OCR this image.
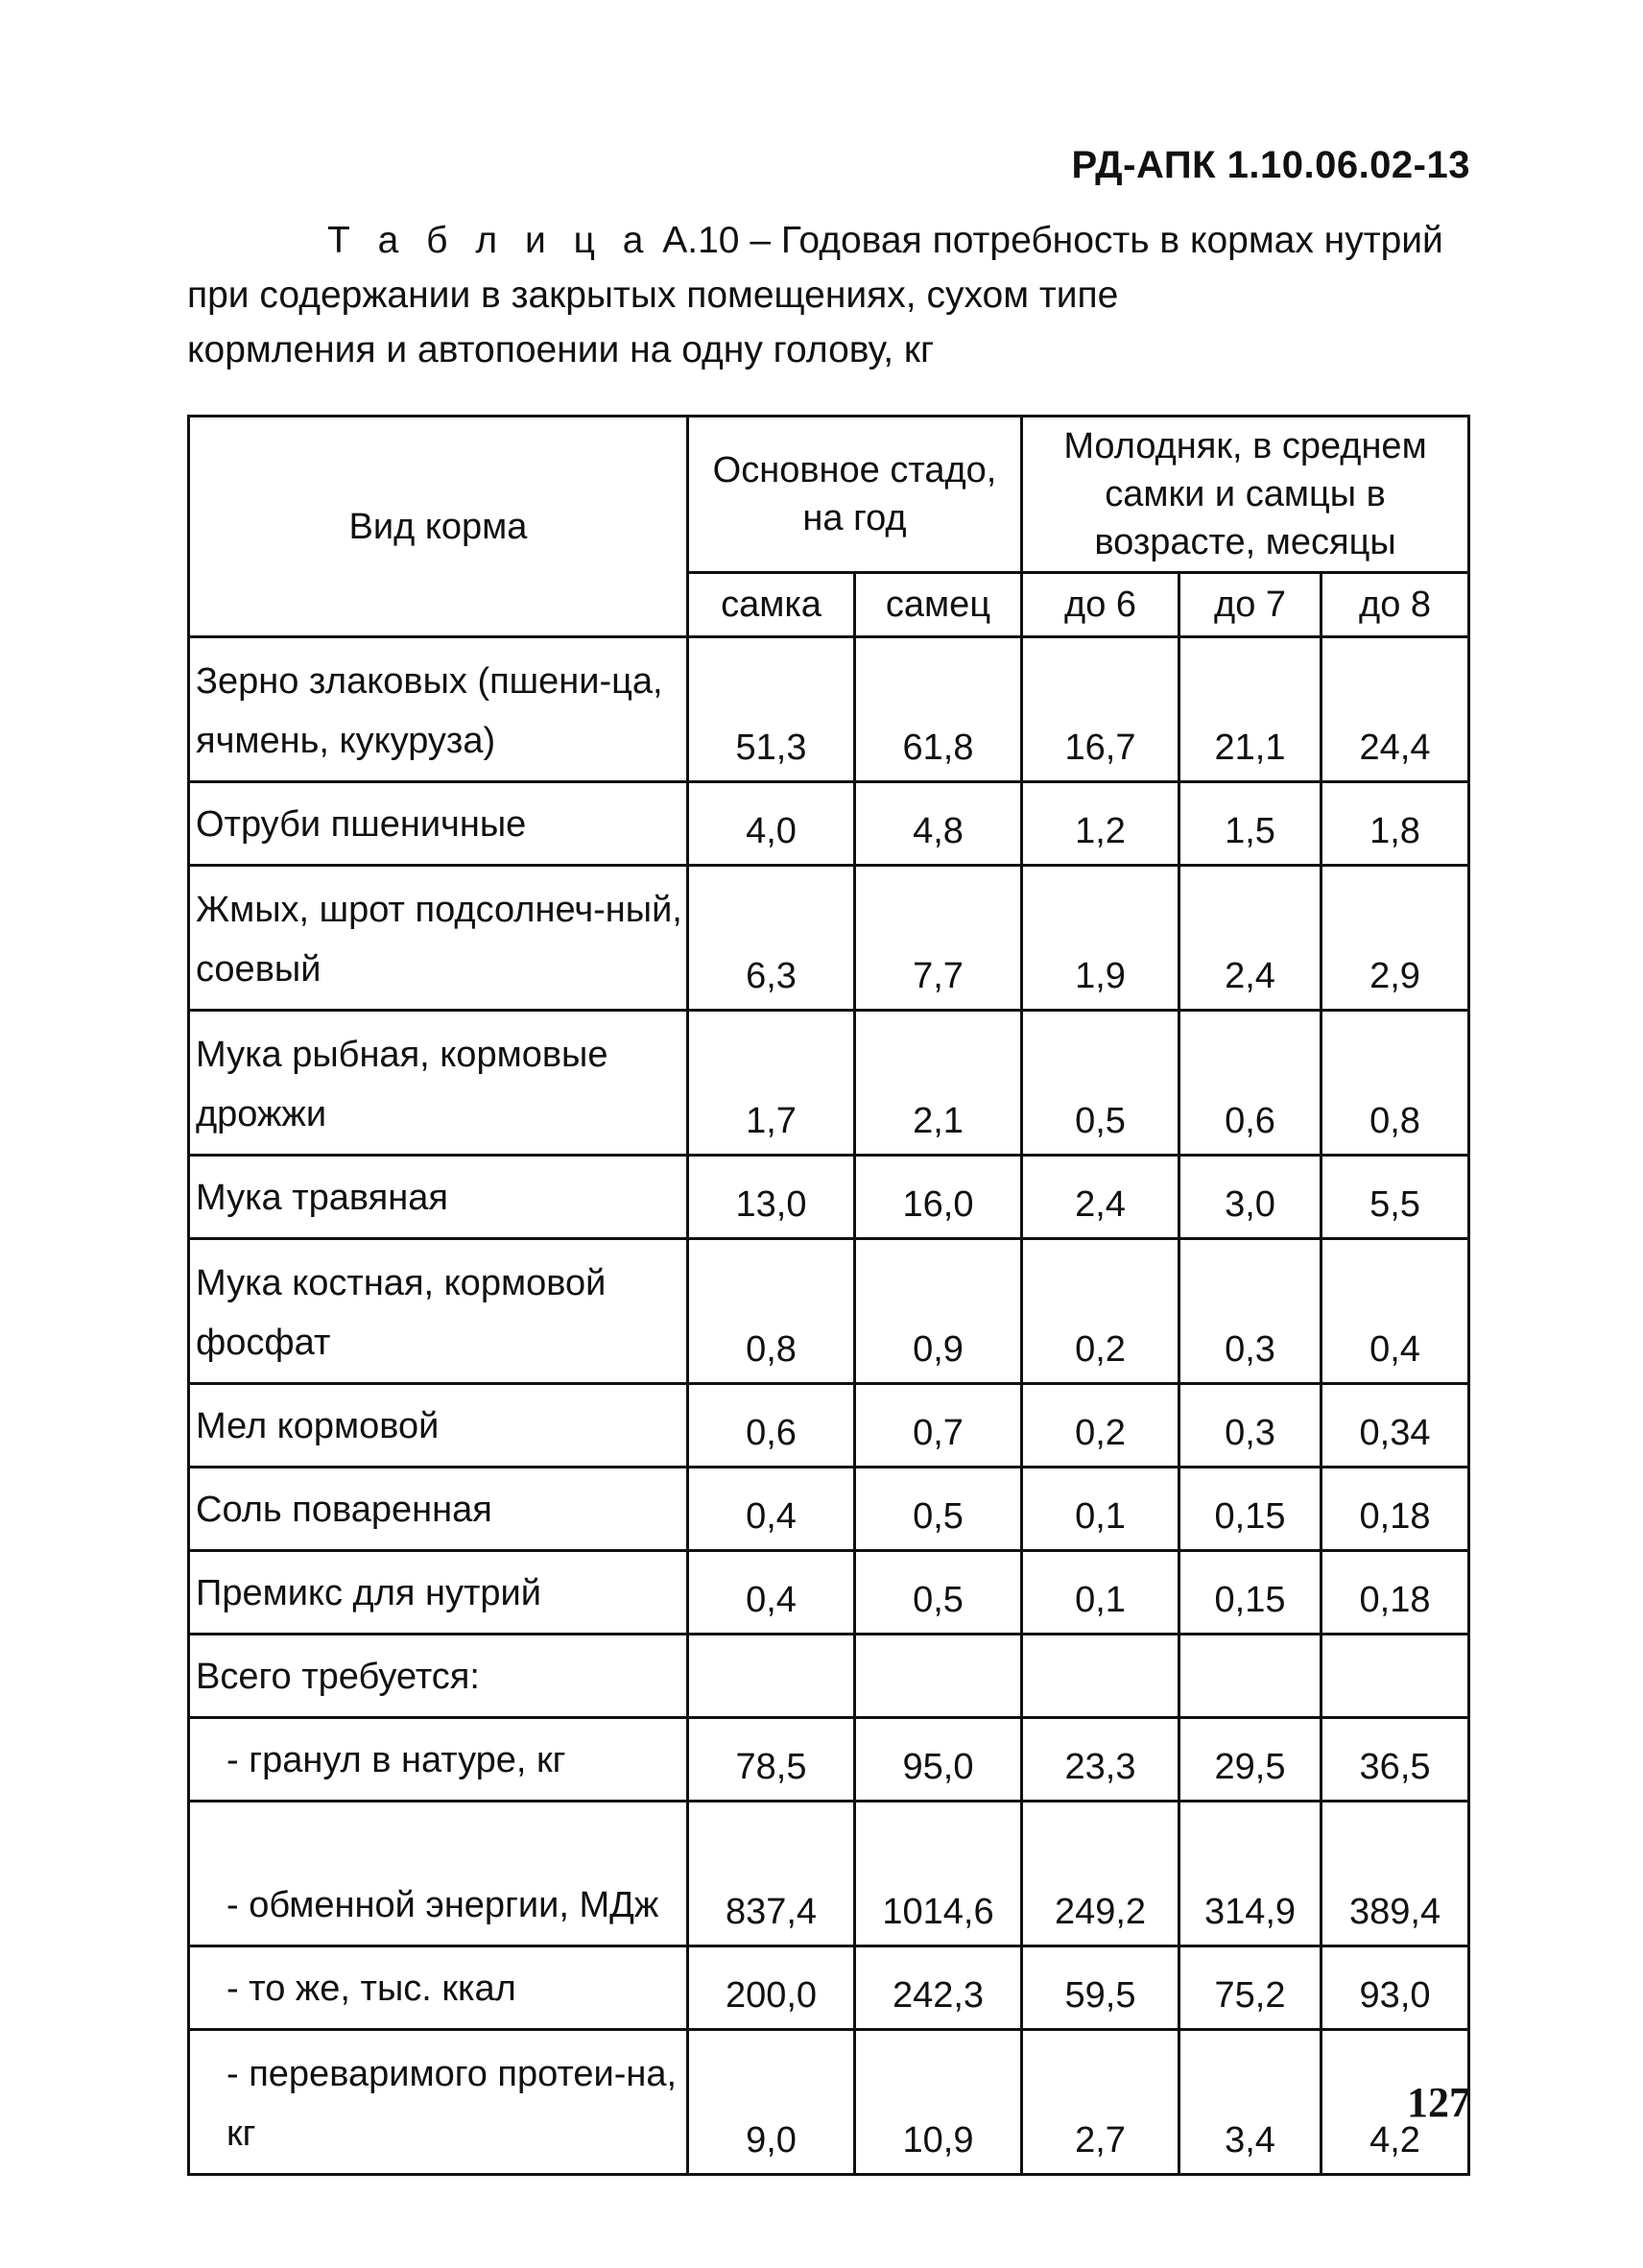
РД-АПК 1.10.06.02-13
Т а б л и ц а А.10 – Годовая потребность в кормах нутрий
при содержании в закрытых помещениях, сухом типе
кормления и автопоении на одну голову, кг
Вид корма	Основное стадо, на год		Молодняк, в среднем самки и самцы в возрасте, месяцы		
	самка	самец	до 6	до 7	до 8
Зерно злаковых (пшени-ца, ячмень, кукуруза)	51,3	61,8	16,7	21,1	24,4
Отруби пшеничные	4,0	4,8	1,2	1,5	1,8
Жмых, шрот подсолнеч-ный, соевый	6,3	7,7	1,9	2,4	2,9
Мука рыбная, кормовые дрожжи	1,7	2,1	0,5	0,6	0,8
Мука травяная	13,0	16,0	2,4	3,0	5,5
Мука костная, кормовой фосфат	0,8	0,9	0,2	0,3	0,4
Мел кормовой	0,6	0,7	0,2	0,3	0,34
Соль поваренная	0,4	0,5	0,1	0,15	0,18
Премикс для нутрий	0,4	0,5	0,1	0,15	0,18
Всего требуется:					
- гранул в натуре, кг	78,5	95,0	23,3	29,5	36,5
- обменной энергии, МДж	837,4	1014,6	249,2	314,9	389,4
- то же, тыс. ккал	200,0	242,3	59,5	75,2	93,0
- переваримого протеи-на, кг	9,0	10,9	2,7	3,4	4,2
127
